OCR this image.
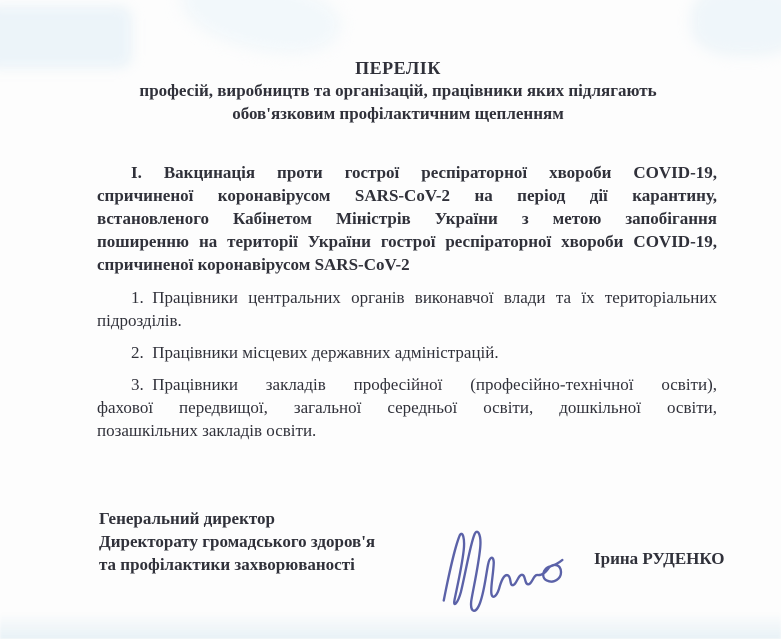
ПЕРЕЛІК
професій, виробництв та організацій, працівники яких підлягають
обов'язковим профілактичним щепленням
І. Вакцинація проти гострої респіраторної хвороби COVID-19,
спричиненої коронавірусом SARS-CoV-2 на період дії карантину,
встановленого Кабінетом Міністрів України з метою запобігання
поширенню на території України гострої респіраторної хвороби COVID-19,
спричиненої коронавірусом SARS-CoV-2
1. Працівники центральних органів виконавчої влади та їх територіальних
підрозділів.
2. Працівники місцевих державних адміністрацій.
3. Працівники закладів професійної (професійно-технічної освіти),
фахової передвищої, загальної середньої освіти, дошкільної освіти,
позашкільних закладів освіти.
Генеральний директор
Директорату громадського здоров'я
та профілактики захворюваності	Ірина РУДЕНКО
